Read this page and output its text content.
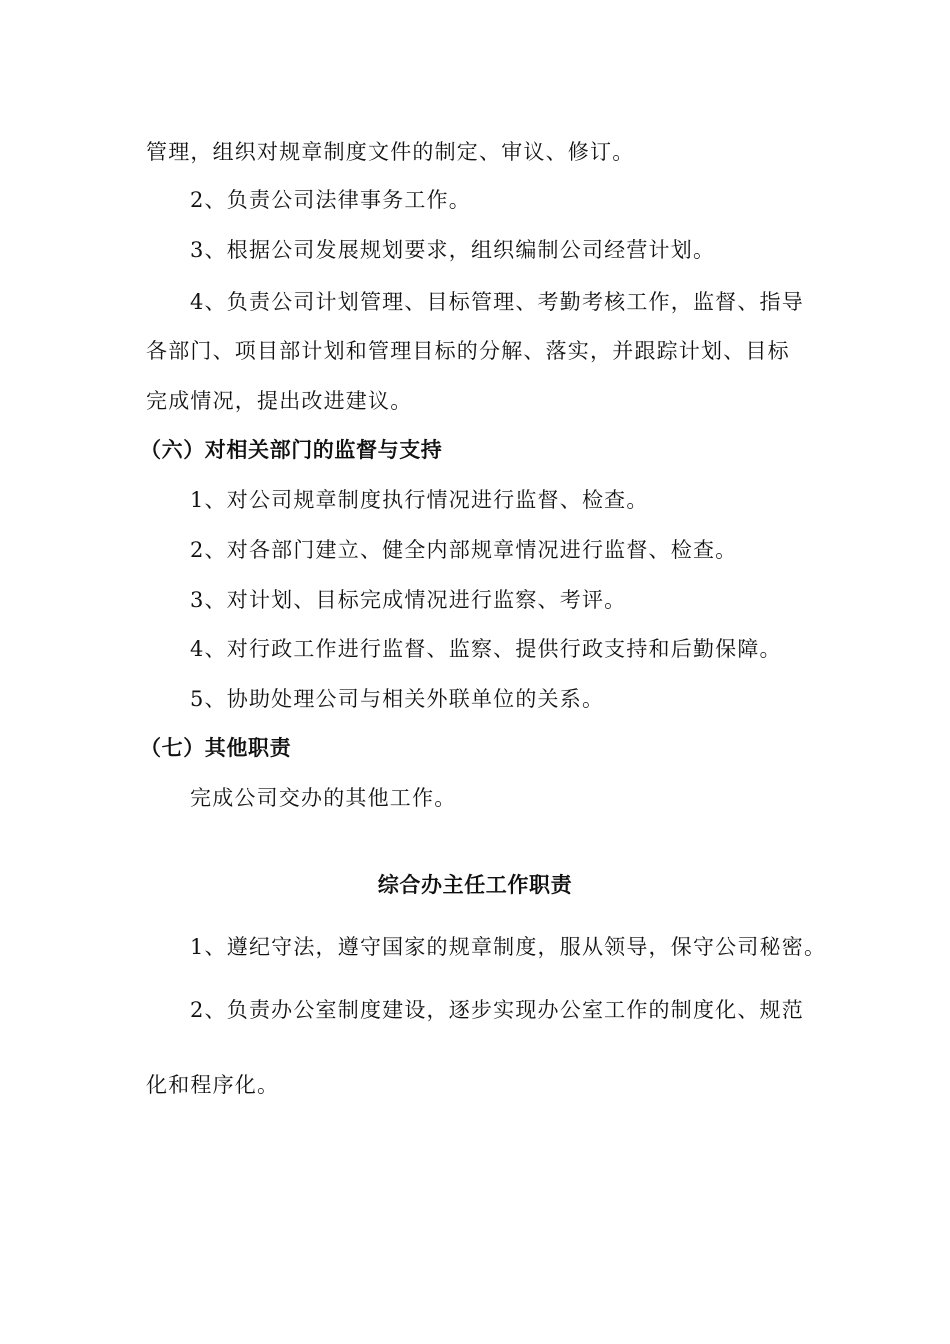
管理，组织对规章制度文件的制定、审议、修订。
2、负责公司法律事务工作。
3、根据公司发展规划要求，组织编制公司经营计划。
4、负责公司计划管理、目标管理、考勤考核工作，监督、指导
各部门、项目部计划和管理目标的分解、落实，并跟踪计划、目标
完成情况，提出改进建议。
（六）对相关部门的监督与支持
1、对公司规章制度执行情况进行监督、检查。
2、对各部门建立、健全内部规章情况进行监督、检查。
3、对计划、目标完成情况进行监察、考评。
4、对行政工作进行监督、监察、提供行政支持和后勤保障。
5、协助处理公司与相关外联单位的关系。
（七）其他职责
完成公司交办的其他工作。
综合办主任工作职责
1、遵纪守法，遵守国家的规章制度，服从领导，保守公司秘密。
2、负责办公室制度建设，逐步实现办公室工作的制度化、规范
化和程序化。
